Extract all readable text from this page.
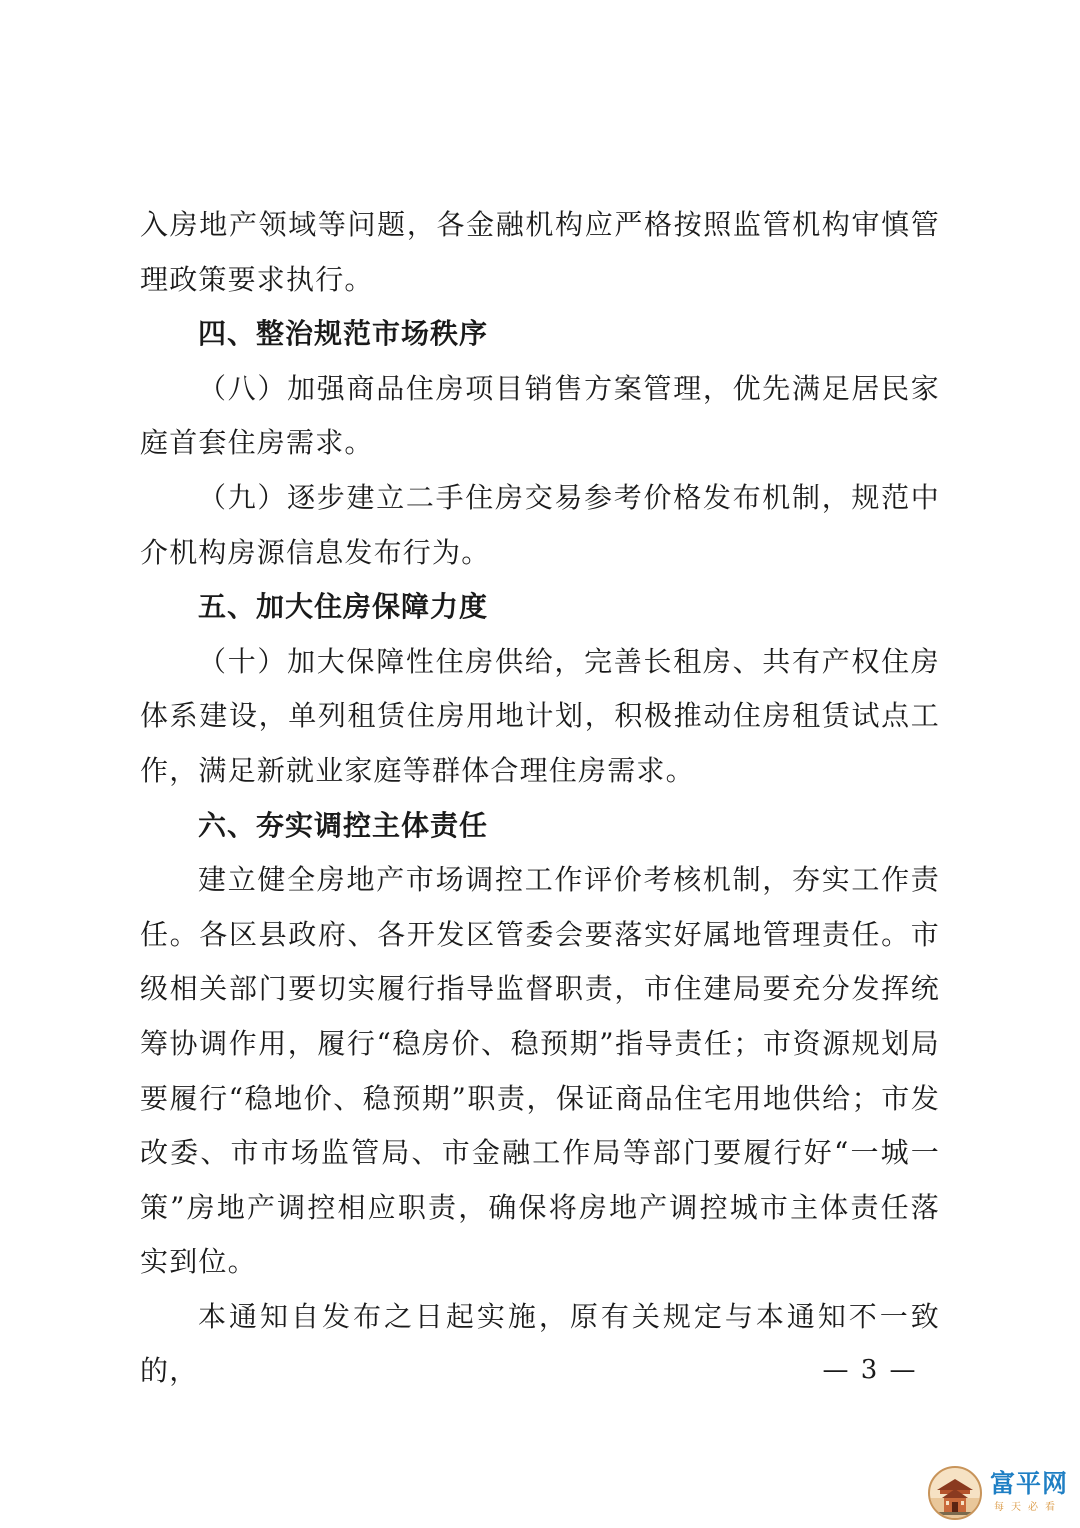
入房地产领域等问题，各金融机构应严格按照监管机构审慎管理政策要求执行。

四、整治规范市场秩序

（八）加强商品住房项目销售方案管理，优先满足居民家庭首套住房需求。

（九）逐步建立二手住房交易参考价格发布机制，规范中介机构房源信息发布行为。

五、加大住房保障力度

（十）加大保障性住房供给，完善长租房、共有产权住房体系建设，单列租赁住房用地计划，积极推动住房租赁试点工作，满足新就业家庭等群体合理住房需求。

六、夯实调控主体责任

建立健全房地产市场调控工作评价考核机制，夯实工作责任。各区县政府、各开发区管委会要落实好属地管理责任。市级相关部门要切实履行指导监督职责，市住建局要充分发挥统筹协调作用，履行“稳房价、稳预期”指导责任；市资源规划局要履行“稳地价、稳预期”职责，保证商品住宅用地供给；市发改委、市市场监管局、市金融工作局等部门要履行好“一城一策”房地产调控相应职责，确保将房地产调控城市主体责任落实到位。

本通知自发布之日起实施，原有关规定与本通知不一致的，	— 3 —
富平网
每天必看
